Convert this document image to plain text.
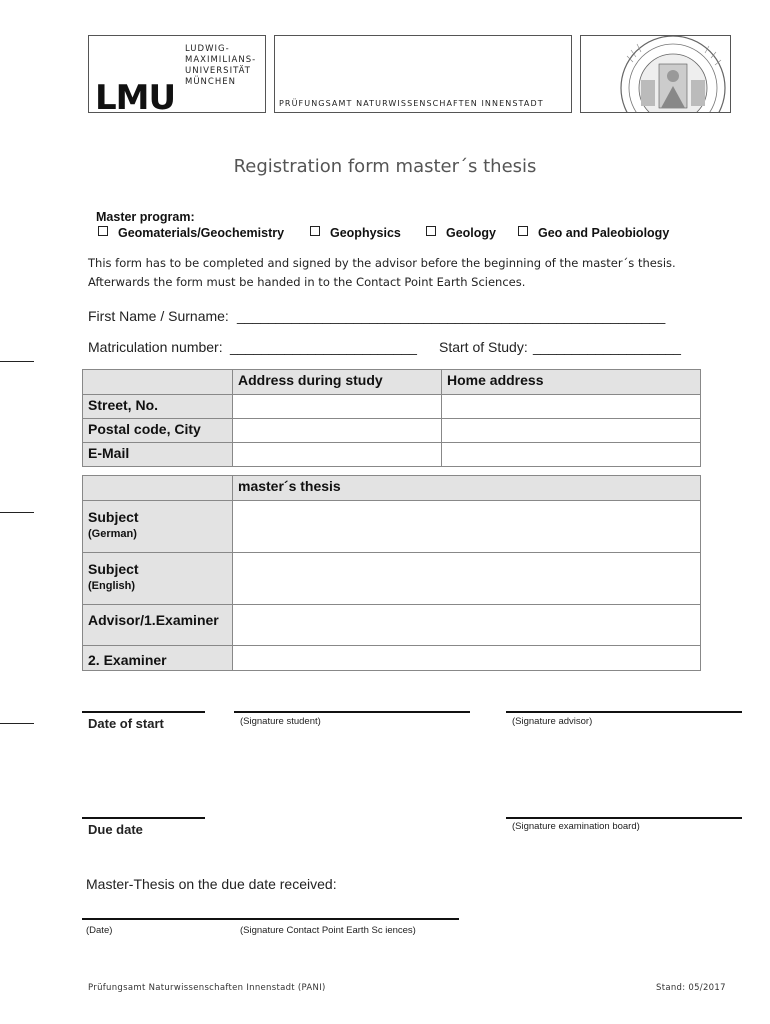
LMU
LUDWIG-
MAXIMILIANS-
UNIVERSITÄT
MÜNCHEN
PRÜFUNGSAMT NATURWISSENSCHAFTEN INNENSTADT
Registration form master´s thesis
Master program:
Geomaterials/Geochemistry	Geophysics	Geology	Geo and Paleobiology
This form has to be completed and signed by the advisor before the beginning of the master´s thesis.
Afterwards the form must be handed in to the Contact Point Earth Sciences.
First Name / Surname: _______________________________________________________
Matriculation number: ________________________ Start of Study: ___________________
	Address during study	Home address
Street, No.		
Postal code, City		
E-Mail		
	master´s thesis
Subject
(German)	

Subject
(English)	

Advisor/1.Examiner	
2. Examiner	
Date of start	(Signature student)	(Signature advisor)
Due date	(Signature examination board)
Master-Thesis on the due date received:
(Date)	(Signature Contact Point Earth Sc iences)
Prüfungsamt Naturwissenschaften Innenstadt (PANI)	Stand: 05/2017
